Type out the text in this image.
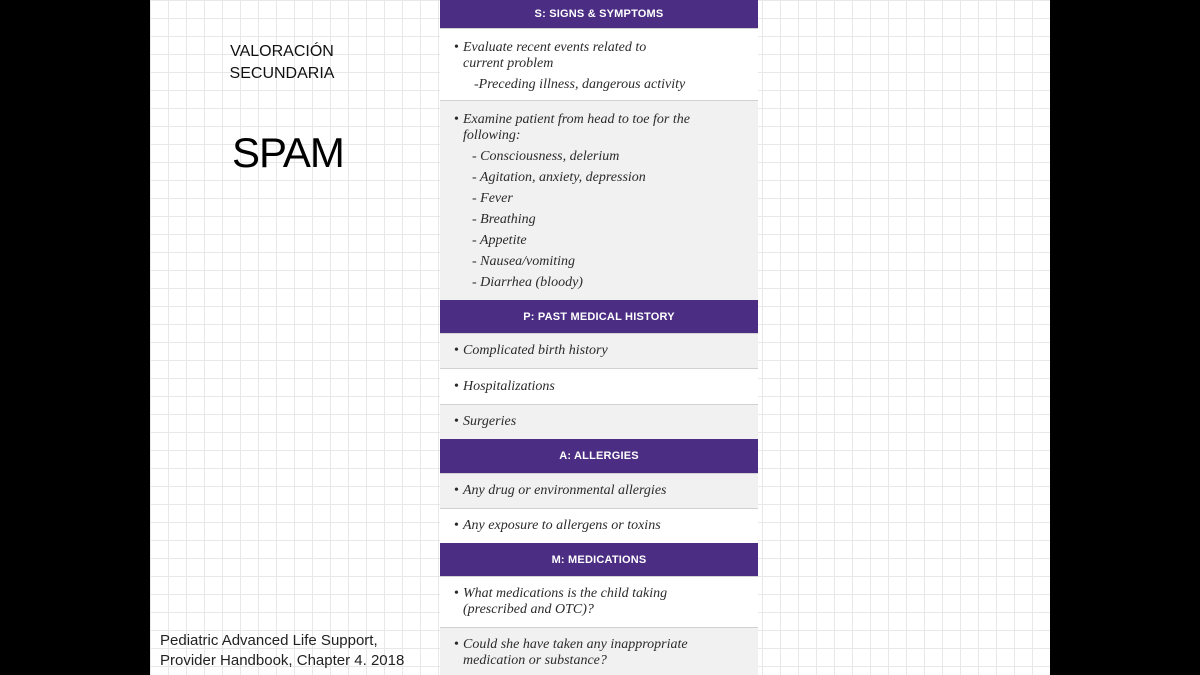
VALORACIÓN
SECUNDARIA
SPAM
Pediatric Advanced Life Support,
Provider Handbook, Chapter 4. 2018
S: SIGNS & SYMPTOMS
• Evaluate recent events related to current problem
-Preceding illness, dangerous activity
• Examine patient from head to toe for the following:
- Consciousness, delerium
- Agitation, anxiety, depression
- Fever
- Breathing
- Appetite
- Nausea/vomiting
- Diarrhea (bloody)
P: PAST MEDICAL HISTORY
• Complicated birth history
• Hospitalizations
• Surgeries
A: ALLERGIES
• Any drug or environmental allergies
• Any exposure to allergens or toxins
M: MEDICATIONS
• What medications is the child taking (prescribed and OTC)?
• Could she have taken any inappropriate medication or substance?
